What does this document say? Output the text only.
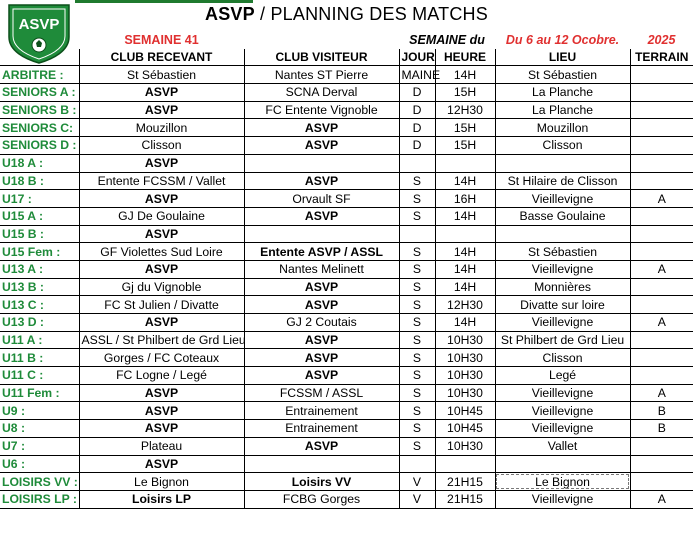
ASVP
ASVP / PLANNING DES MATCHS
	SEMAINE 41		SEMAINE du		Du 6 au 12 Ocobre.	2025
	CLUB RECEVANT	CLUB VISITEUR	JOUR	HEURE	LIEU	TERRAIN
ARBITRE :	St Sébastien	Nantes ST Pierre	MAINE	14H	St Sébastien	
SENIORS A :	ASVP	SCNA Derval	D	15H	La Planche	
SENIORS B :	ASVP	FC Entente Vignoble	D	12H30	La Planche	
SENIORS C:	Mouzillon	ASVP	D	15H	Mouzillon	
SENIORS D :	Clisson	ASVP	D	15H	Clisson	
U18 A :	ASVP					
U18 B :	Entente FCSSM / Vallet	ASVP	S	14H	St Hilaire de Clisson	
U17 :	ASVP	Orvault SF	S	16H	Vieillevigne	A
U15 A :	GJ De Goulaine	ASVP	S	14H	Basse Goulaine	
U15 B :	ASVP					
U15 Fem :	GF Violettes Sud Loire	Entente ASVP / ASSL	S	14H	St Sébastien	
U13 A :	ASVP	Nantes Melinett	S	14H	Vieillevigne	A
U13 B :	Gj du Vignoble	ASVP	S	14H	Monnières	
U13 C :	FC St Julien / Divatte	ASVP	S	12H30	Divatte sur loire	
U13 D :	ASVP	GJ 2 Coutais	S	14H	Vieillevigne	A
U11 A :	ASSL / St Philbert de Grd Lieu	ASVP	S	10H30	St Philbert de Grd Lieu	
U11 B :	Gorges / FC Coteaux	ASVP	S	10H30	Clisson	
U11 C :	FC Logne / Legé	ASVP	S	10H30	Legé	
U11 Fem :	ASVP	FCSSM / ASSL	S	10H30	Vieillevigne	A
U9 :	ASVP	Entrainement	S	10H45	Vieillevigne	B
U8 :	ASVP	Entrainement	S	10H45	Vieillevigne	B
U7 :	Plateau	ASVP	S	10H30	Vallet	
U6 :	ASVP					
LOISIRS VV :	Le Bignon	Loisirs VV	V	21H15	Le Bignon	
LOISIRS LP :	Loisirs LP	FCBG Gorges	V	21H15	Vieillevigne	A
